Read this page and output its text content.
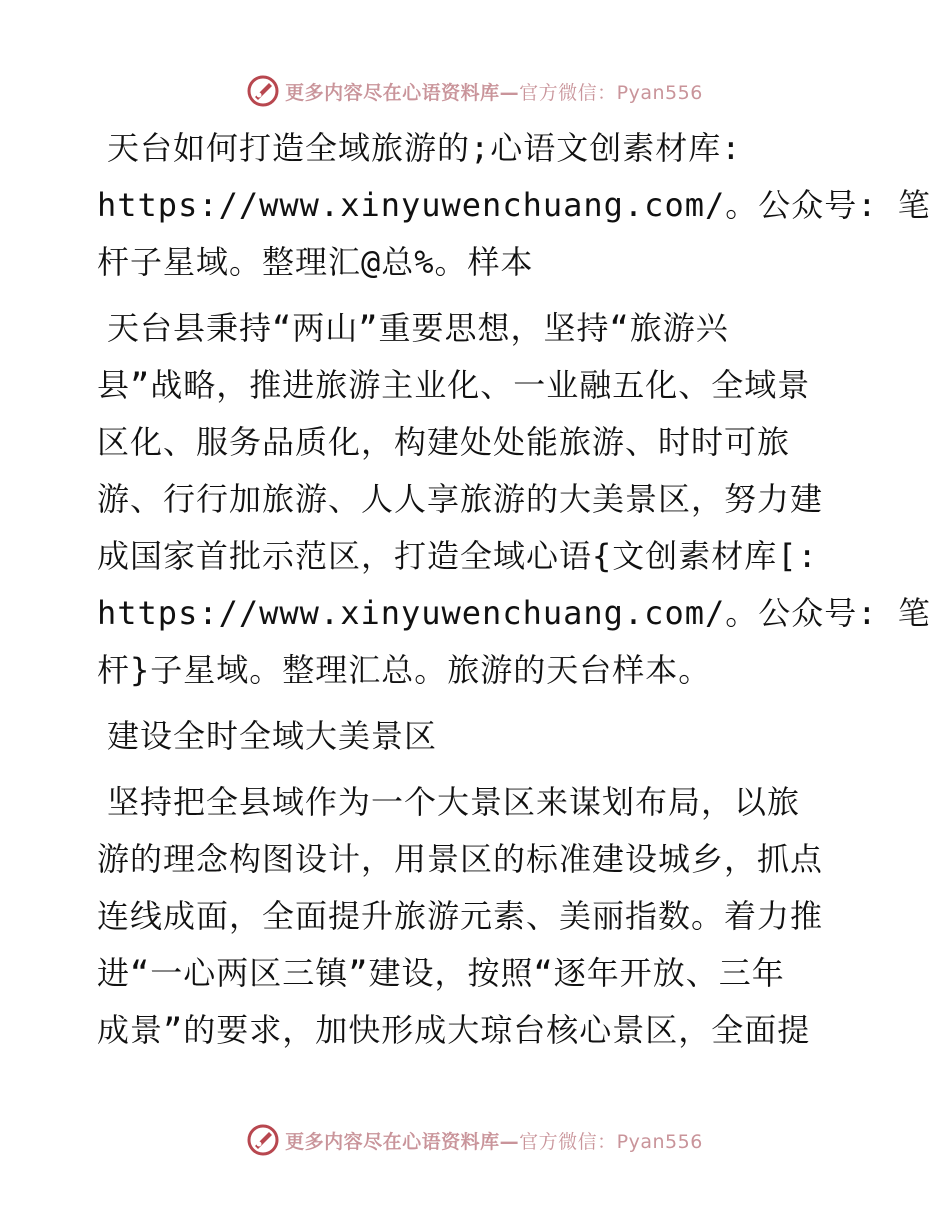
更多内容尽在心语资料库—官方微信：Pyan556

天台如何打造全域旅游的;心语文创素材库:
https://www.xinyuwenchuang.com/。公众号: 笔
杆子星域。整理汇@总%。样本

天台县秉持“两山”重要思想，坚持“旅游兴
县”战略，推进旅游主业化、一业融五化、全域景
区化、服务品质化，构建处处能旅游、时时可旅
游、行行加旅游、人人享旅游的大美景区，努力建
成国家首批示范区，打造全域心语{文创素材库[:
https://www.xinyuwenchuang.com/。公众号: 笔
杆}子星域。整理汇总。旅游的天台样本。

建设全时全域大美景区

坚持把全县域作为一个大景区来谋划布局，以旅
游的理念构图设计，用景区的标准建设城乡，抓点
连线成面，全面提升旅游元素、美丽指数。着力推
进“一心两区三镇”建设，按照“逐年开放、三年
成景”的要求，加快形成大琼台核心景区，全面提

更多内容尽在心语资料库—官方微信：Pyan556
